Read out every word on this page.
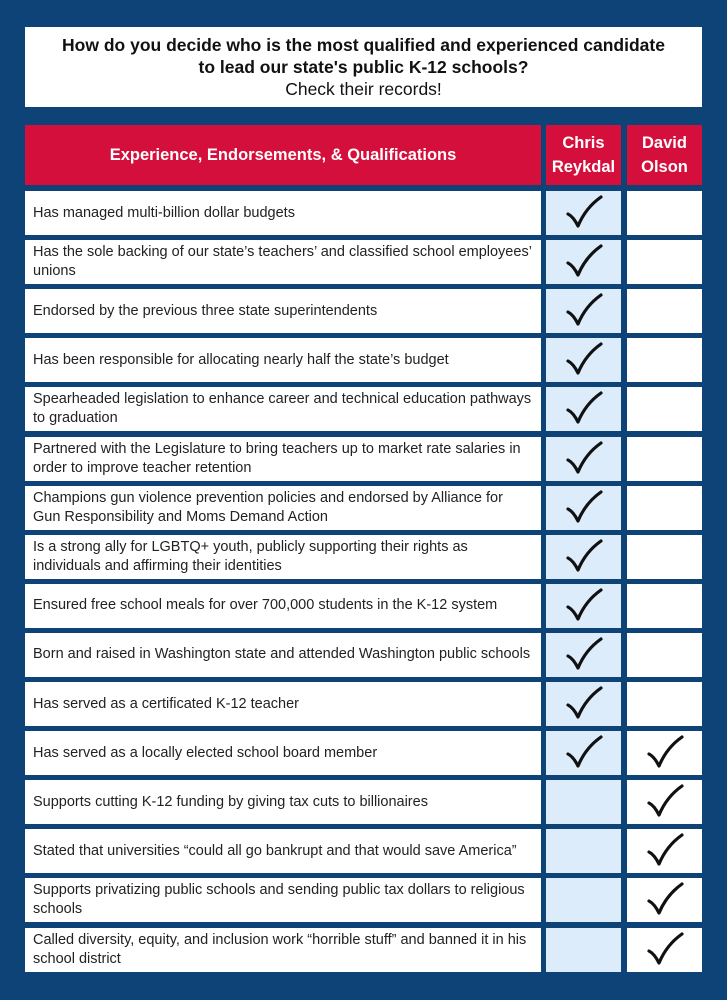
How do you decide who is the most qualified and experienced candidate
to lead our state's public K-12 schools?
Check their records!
Experience, Endorsements, & Qualifications
Chris
Reykdal
David
Olson
Has managed multi-billion dollar budgets
Has the sole backing of our state’s teachers’ and classified school employees’ unions
Endorsed by the previous three state superintendents
Has been responsible for allocating nearly half the state’s budget
Spearheaded legislation to enhance career and technical education pathways to graduation
Partnered with the Legislature to bring teachers up to market rate salaries in order to improve teacher retention
Champions gun violence prevention policies and endorsed by Alliance for Gun Responsibility and Moms Demand Action
Is a strong ally for LGBTQ+ youth, publicly supporting their rights as individuals and affirming their identities
Ensured free school meals for over 700,000 students in the K-12 system
Born and raised in Washington state and attended Washington public schools
Has served as a certificated K-12 teacher
Has served as a locally elected school board member
Supports cutting K-12 funding by giving tax cuts to billionaires
Stated that universities “could all go bankrupt and that would save America”
Supports privatizing public schools and sending public tax dollars to religious schools
Called diversity, equity, and inclusion work “horrible stuff” and banned it in his school district
